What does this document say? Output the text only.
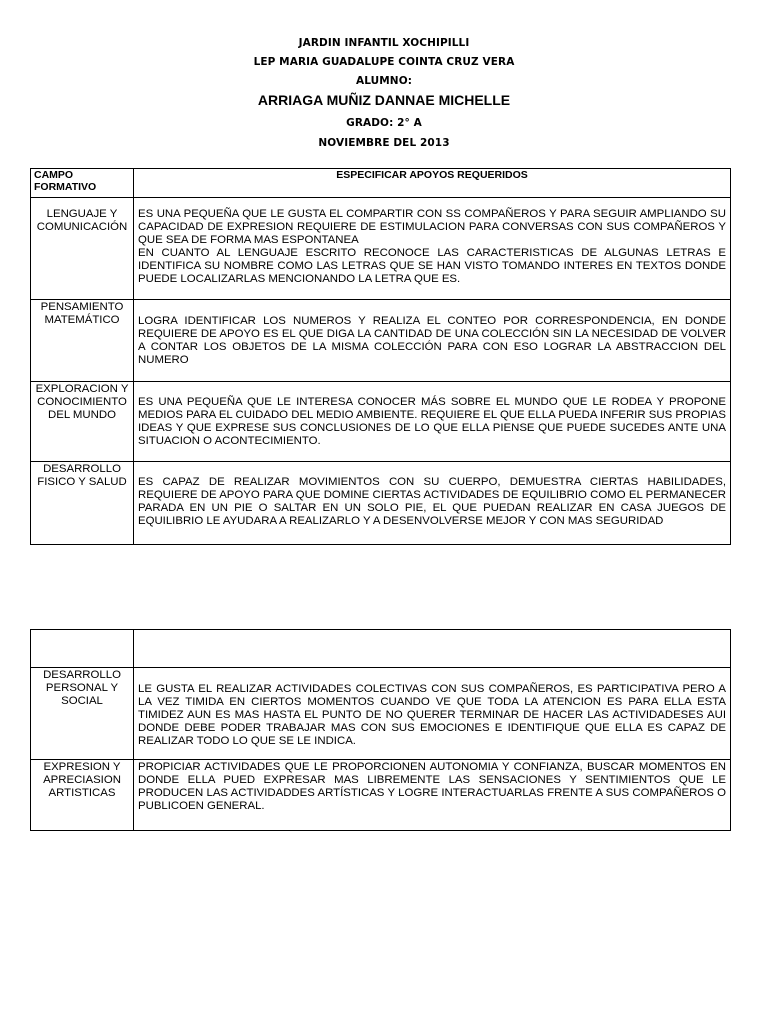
JARDIN INFANTIL XOCHIPILLI
LEP MARIA GUADALUPE COINTA CRUZ VERA
ALUMNO:
ARRIAGA MUÑIZ DANNAE MICHELLE
GRADO: 2° A
NOVIEMBRE DEL 2013
CAMPO FORMATIVO	ESPECIFICAR APOYOS REQUERIDOS

LENGUAJE Y COMUNICACIÓN	ES UNA PEQUEÑA QUE LE GUSTA EL COMPARTIR CON SS COMPAÑEROS Y PARA SEGUIR AMPLIANDO SU CAPACIDAD DE EXPRESION REQUIERE DE ESTIMULACION PARA CONVERSAS CON SUS COMPAÑEROS Y QUE SEA DE FORMA MAS ESPONTANEA

EN CUANTO AL LENGUAJE ESCRITO RECONOCE LAS CARACTERISTICAS DE ALGUNAS LETRAS E IDENTIFICA SU NOMBRE COMO LAS LETRAS QUE SE HAN VISTO TOMANDO INTERES EN TEXTOS DONDE PUEDE LOCALIZARLAS MENCIONANDO LA LETRA QUE ES.

PENSAMIENTO MATEMÁTICO	LOGRA IDENTIFICAR LOS NUMEROS Y REALIZA EL CONTEO POR CORRESPONDENCIA, EN DONDE REQUIERE DE APOYO ES EL QUE DIGA LA CANTIDAD DE UNA COLECCIÓN SIN LA NECESIDAD DE VOLVER A CONTAR LOS OBJETOS DE LA MISMA COLECCIÓN PARA CON ESO LOGRAR LA ABSTRACCION DEL NUMERO

EXPLORACION Y CONOCIMIENTO DEL MUNDO	ES UNA PEQUEÑA QUE LE INTERESA CONOCER MÁS SOBRE EL MUNDO QUE LE RODEA Y PROPONE MEDIOS PARA EL CUIDADO DEL MEDIO AMBIENTE. REQUIERE EL QUE ELLA PUEDA INFERIR SUS PROPIAS IDEAS Y QUE EXPRESE SUS CONCLUSIONES DE LO QUE ELLA PIENSE QUE PUEDE SUCEDES ANTE UNA SITUACION O ACONTECIMIENTO.

DESARROLLO FISICO Y SALUD	ES CAPAZ DE REALIZAR MOVIMIENTOS CON SU CUERPO, DEMUESTRA CIERTAS HABILIDADES, REQUIERE DE APOYO PARA QUE DOMINE CIERTAS ACTIVIDADES DE EQUILIBRIO COMO EL PERMANECER PARADA EN UN PIE O SALTAR EN UN SOLO PIE, EL QUE PUEDAN REALIZAR EN CASA JUEGOS DE EQUILIBRIO LE AYUDARA A REALIZARLO Y A DESENVOLVERSE MEJOR Y CON MAS SEGURIDAD

DESARROLLO PERSONAL Y SOCIAL	LE GUSTA EL REALIZAR ACTIVIDADES COLECTIVAS CON SUS COMPAÑEROS, ES PARTICIPATIVA PERO A LA VEZ TIMIDA EN CIERTOS MOMENTOS CUANDO VE QUE TODA LA ATENCION ES PARA ELLA ESTA TIMIDEZ AUN ES MAS HASTA EL PUNTO DE NO QUERER TERMINAR DE HACER LAS ACTIVIDADESES AUI DONDE DEBE PODER TRABAJAR MAS CON SUS EMOCIONES E IDENTIFIQUE QUE ELLA ES CAPAZ DE REALIZAR TODO LO QUE SE LE INDICA.

EXPRESION Y APRECIASION ARTISTICAS	PROPICIAR ACTIVIDADES QUE LE PROPORCIONEN AUTONOMIA Y CONFIANZA, BUSCAR MOMENTOS EN DONDE ELLA PUED EXPRESAR MAS LIBREMENTE LAS SENSACIONES Y SENTIMIENTOS QUE LE PRODUCEN LAS ACTIVIDADDES ARTÍSTICAS Y LOGRE INTERACTUARLAS FRENTE A SUS COMPAÑEROS O PUBLICOEN GENERAL.
